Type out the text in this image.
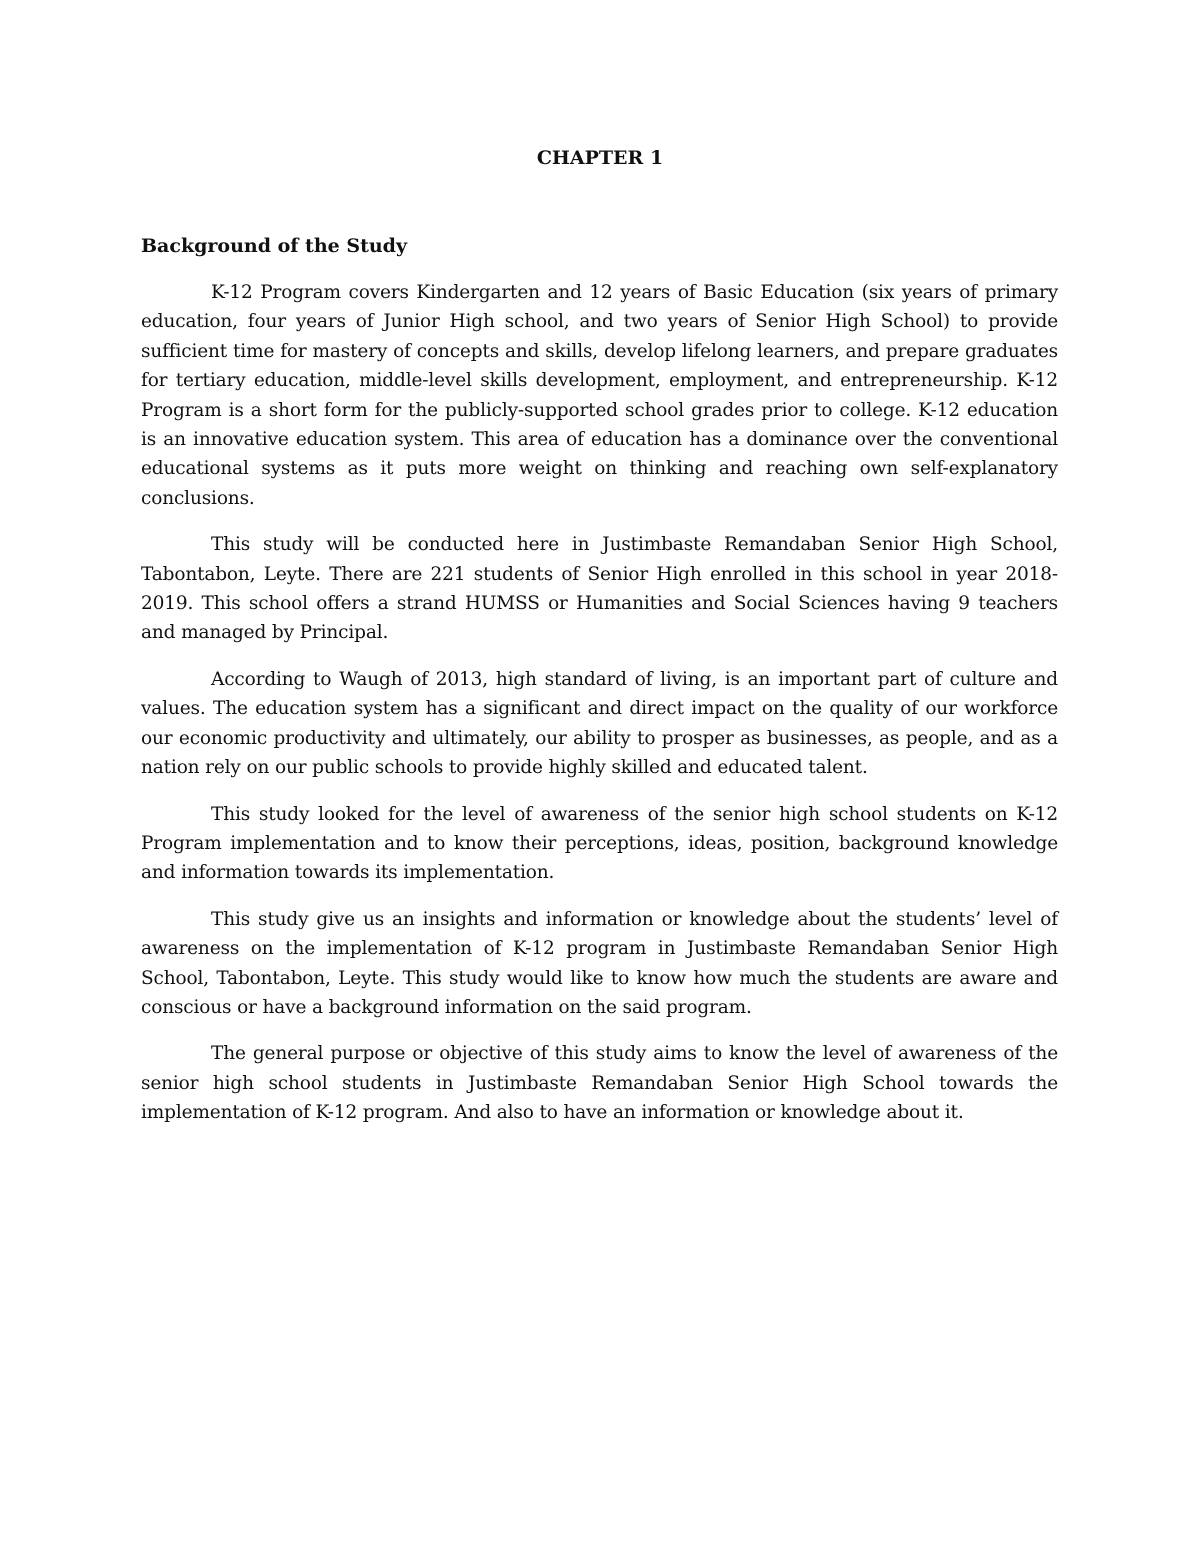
CHAPTER 1
Background of the Study

K-12 Program covers Kindergarten and 12 years of Basic Education (six years of primary education, four years of Junior High school, and two years of Senior High School) to provide sufficient time for mastery of concepts and skills, develop lifelong learners, and prepare graduates for tertiary education, middle-level skills development, employment, and entrepreneurship. K-12 Program is a short form for the publicly-supported school grades prior to college. K-12 education is an innovative education system. This area of education has a dominance over the conventional educational systems as it puts more weight on thinking and reaching own self-explanatory conclusions.

This study will be conducted here in Justimbaste Remandaban Senior High School, Tabontabon, Leyte. There are 221 students of Senior High enrolled in this school in year 2018-2019. This school offers a strand HUMSS or Humanities and Social Sciences having 9 teachers and managed by Principal.

According to Waugh of 2013, high standard of living, is an important part of culture and values. The education system has a significant and direct impact on the quality of our workforce our economic productivity and ultimately, our ability to prosper as businesses, as people, and as a nation rely on our public schools to provide highly skilled and educated talent.

This study looked for the level of awareness of the senior high school students on K-12 Program implementation and to know their perceptions, ideas, position, background knowledge and information towards its implementation.

This study give us an insights and information or knowledge about the students’ level of awareness on the implementation of K-12 program in Justimbaste Remandaban Senior High School, Tabontabon, Leyte. This study would like to know how much the students are aware and conscious or have a background information on the said program.

The general purpose or objective of this study aims to know the level of awareness of the senior high school students in Justimbaste Remandaban Senior High School towards the implementation of K-12 program. And also to have an information or knowledge about it.
